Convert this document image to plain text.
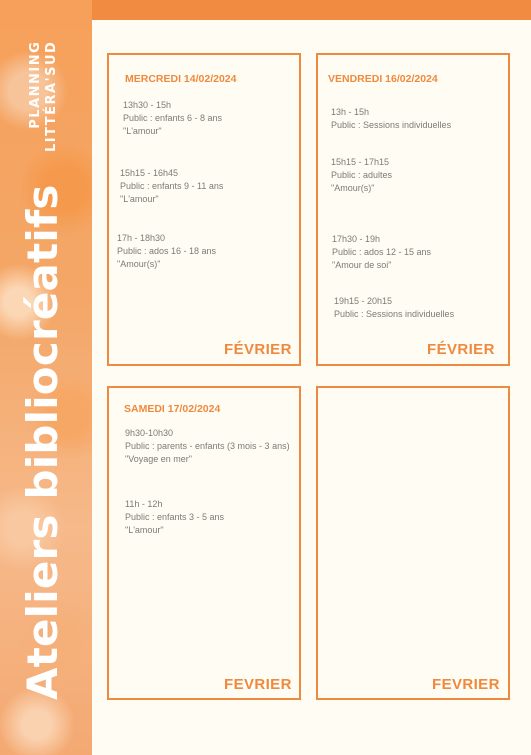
PLANNING LITTÉRA'SUD
Ateliers bibliocréatifs
MERCREDI 14/02/2024
13h30 - 15h
Public : enfants 6 - 8 ans
"L'amour"
15h15 - 16h45
Public : enfants 9 - 11 ans
"L'amour"
17h - 18h30
Public : ados 16 - 18 ans
"Amour(s)"
FÉVRIER
VENDREDI 16/02/2024
13h - 15h
Public : Sessions individuelles
15h15 - 17h15
Public : adultes
"Amour(s)"
17h30 - 19h
Public : ados 12 - 15 ans
"Amour de soi"
19h15 - 20h15
Public : Sessions individuelles
FÉVRIER
SAMEDI 17/02/2024
9h30-10h30
Public : parents - enfants (3 mois - 3 ans)
"Voyage en mer"
11h - 12h
Public : enfants 3 - 5 ans
"L'amour"
FEVRIER	FEVRIER
